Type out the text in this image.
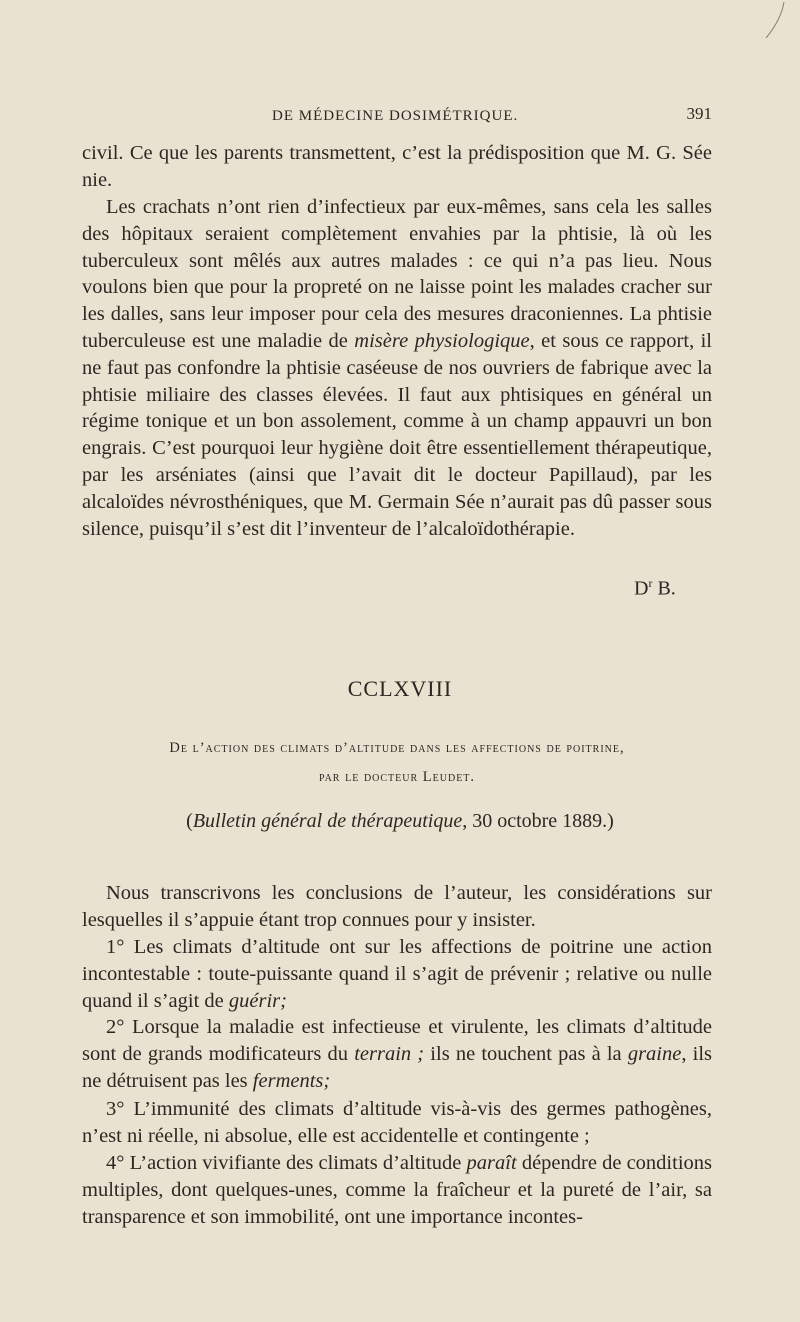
DE MÉDECINE DOSIMÉTRIQUE.	391

civil. Ce que les parents transmettent, c’est la prédisposition que M. G. Sée nie.

Les crachats n’ont rien d’infectieux par eux-mêmes, sans cela les salles des hôpitaux seraient complètement envahies par la phtisie, là où les tuberculeux sont mêlés aux autres malades : ce qui n’a pas lieu. Nous voulons bien que pour la propreté on ne laisse point les malades cracher sur les dalles, sans leur imposer pour cela des mesures draconiennes. La phtisie tuberculeuse est une maladie de misère physiologique, et sous ce rapport, il ne faut pas confondre la phtisie caséeuse de nos ouvriers de fabrique avec la phtisie miliaire des classes élevées. Il faut aux phtisiques en général un régime tonique et un bon assolement, comme à un champ appauvri un bon engrais. C’est pourquoi leur hygiène doit être essentiellement thérapeutique, par les arséniates (ainsi que l’avait dit le docteur Papillaud), par les alcaloïdes névrosthéniques, que M. Germain Sée n’aurait pas dû passer sous silence, puisqu’il s’est dit l’inventeur de l’alcaloïdothérapie.

$D^r$ B.
CCLXVIII
De l’action des climats d’altitude dans les affections de poitrine,
par le docteur Leudet.
(Bulletin général de thérapeutique, 30 octobre 1889.)

Nous transcrivons les conclusions de l’auteur, les considérations sur lesquelles il s’appuie étant trop connues pour y insister.

1° Les climats d’altitude ont sur les affections de poitrine une action incontestable : toute-puissante quand il s’agit de prévenir ; relative ou nulle quand il s’agit de guérir;

2° Lorsque la maladie est infectieuse et virulente, les climats d’altitude sont de grands modificateurs du terrain ; ils ne touchent pas à la graine, ils ne détruisent pas les ferments;

3° L’immunité des climats d’altitude vis-à-vis des germes pathogènes, n’est ni réelle, ni absolue, elle est accidentelle et contingente ;

4° L’action vivifiante des climats d’altitude paraît dépendre de conditions multiples, dont quelques-unes, comme la fraîcheur et la pureté de l’air, sa transparence et son immobilité, ont une importance incontes-
